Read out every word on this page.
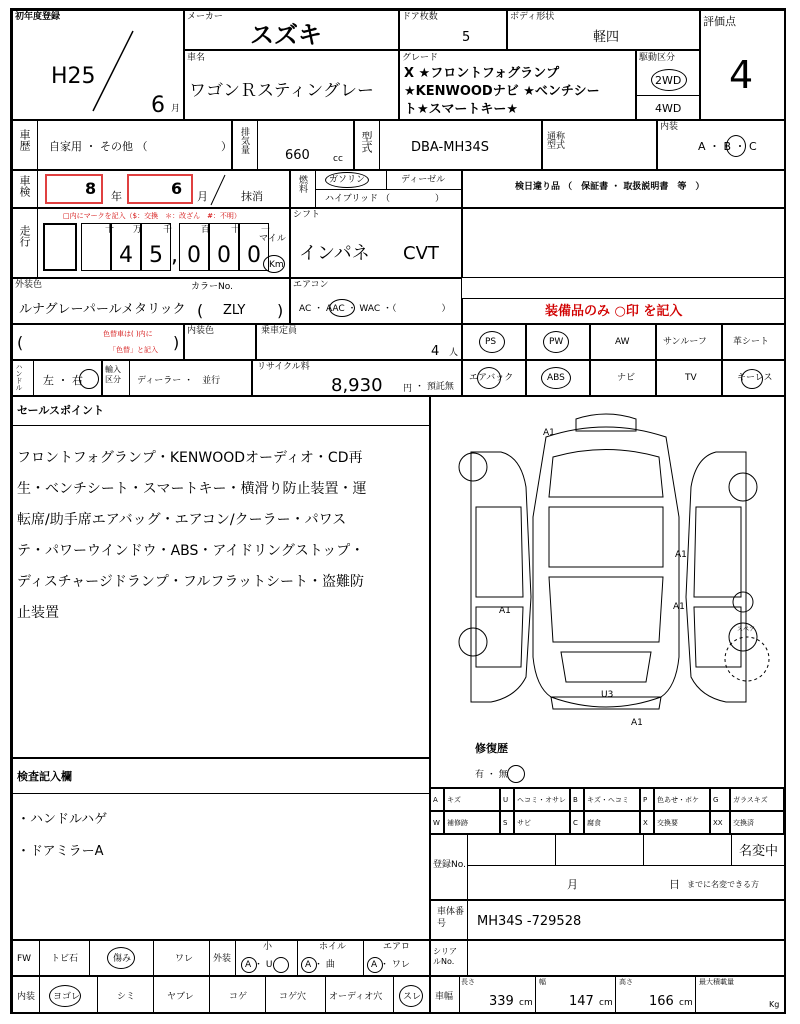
初年度登録
H25
6 月
メーカー
スズキ
ドア枚数
5
ボディ形状
軽四
評価点
4
車名
ワゴンＲスティングレー
グレード
X ★フロントフォグランプ
★KENWOODナビ ★ベンチシー
ト★スマートキー★
駆動区分
2WD
4WD
車歴 自家用 ・ その他 （	） 排気量
660	cc
型式	DBA-MH34S
通称型式
内装
A ・ B ・ C
車検	8 年	6 月	抹消
燃料 ガソリン	ディーゼル
ハイブリッド （　　　　　）
検日違り品 （　保証書 ・ 取扱説明書　等　）
走行
□内にマークを記入（$：交換　＊：改ざん　#：不明）
十 万 千	百 十 一
4 5 , 0 0 0
マイル
Km
シフト
インパネ CVT
外装色	カラーNo.
ルナグレーパールメタリック ( ZLY )
エアコン
AC ・ AAC ・ WAC ・（　　　　　）	装備品のみ ○印 を記入
(	)
色替車は( )内に
「色替」と記入
内装色	乗車定員
4 人
PS	PW	AW	サンルーフ	革シート
エアバック	ABS	ナビ	TV	キーレス
ハンドル 左 ・ 右
輸入区分	ディーラー ・　並行
リサイクル料
8,930 円 ・ 預託無
セールスポイント
フロントフォグランプ・KENWOODオーディオ・CD再
生・ベンチシート・スマートキー・横滑り防止装置・運
転席/助手席エアバッグ・エアコン/クーラー・パワス
テ・パワーウインドウ・ABS・アイドリングストップ・
ディスチャージドランプ・フルフラットシート・盗難防
止装置
A1
A1
A1
A1
U3
A1
スペア
修復歴
有 ・ 無
検査記入欄
・ハンドルハゲ
・ドアミラーA
A キズ	U ヘコミ・オサレ B キズ・ヘコミ P 色あせ・ボケ G ガラスキズ
W 補修跡	S サビ	C 腐食	X 交換要	XX 交換済
登録No.
名変中
月	日 までに名変できる方
車体番号	MH34S -729528
FW トビ石	傷み	ワレ 外装
小
A ・ U
ホイル
A ・ 曲
エアロ
A ・ ワレ
シリアルNo.
内装 ヨゴレ	シミ	ヤブレ	コゲ	コゲ穴	オーディオ穴 スレ 車幅
長さ
339 cm
幅
147 cm
高さ
166 cm
最大積載量
Kg
